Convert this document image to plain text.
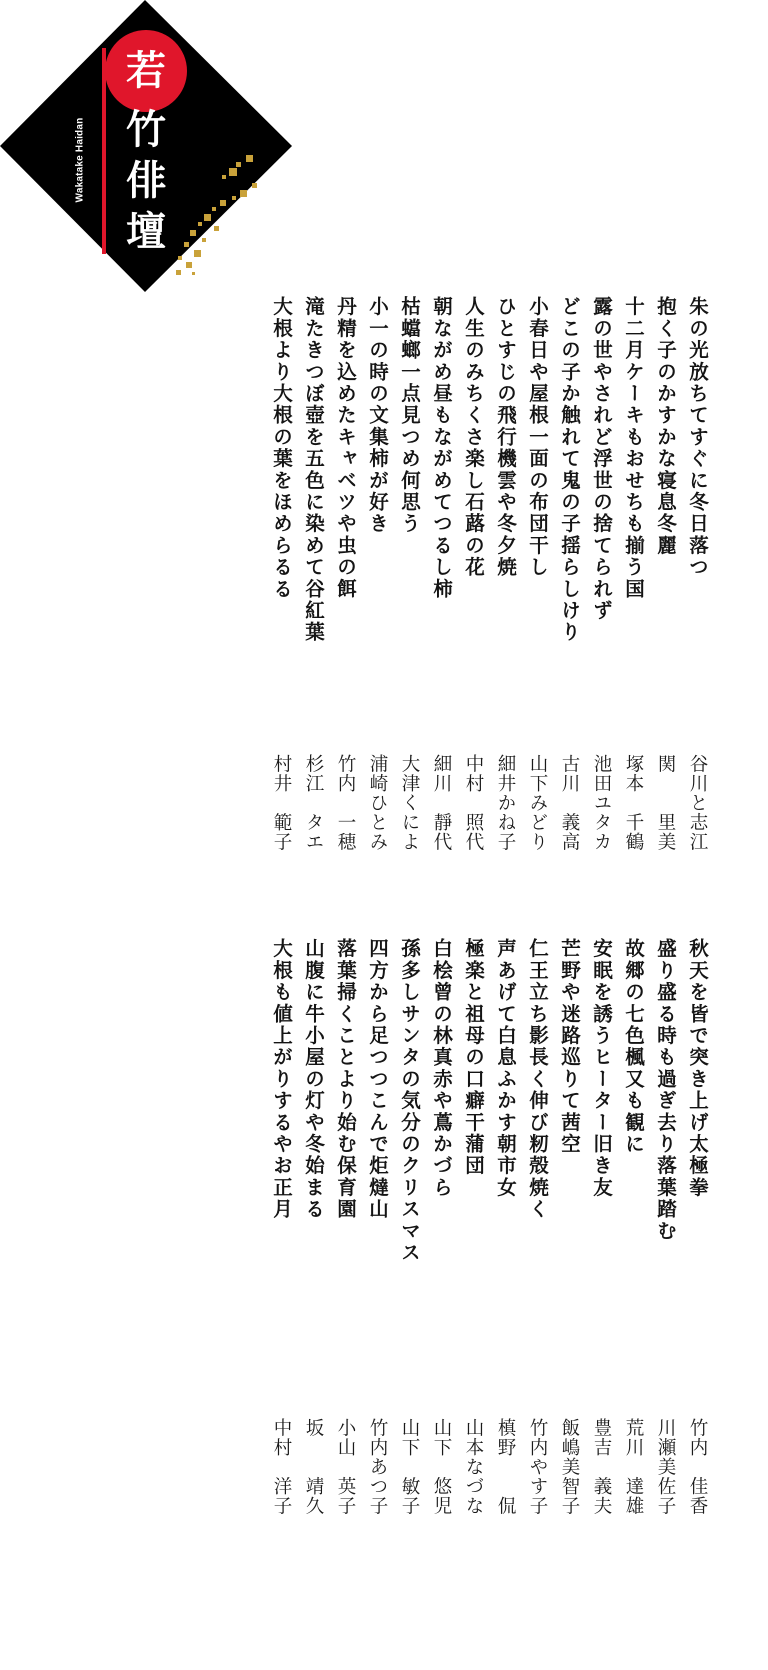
若
竹
俳
壇
Wakatake Haidan
朱の光放ちてすぐに冬日落つ
抱く子のかすかな寝息冬麗
十二月ケーキもおせちも揃う国
露の世やされど浮世の捨てられず
どこの子か触れて鬼の子揺らしけり
小春日や屋根一面の布団干し
ひとすじの飛行機雲や冬夕焼
人生のみちくさ楽し石蕗の花
朝ながめ昼もながめてつるし柿
枯蟷螂一点見つめ何思う
小一の時の文集柿が好き
丹精を込めたキャベツや虫の餌
滝たきつぼ壺を五色に染めて谷紅葉
大根より大根の葉をほめらるる
谷川と志江
関　　里美
塚本　千鶴
池田ユタカ
古川　義高
山下みどり
細井かね子
中村　照代
細川　靜代
大津くによ
浦崎ひとみ
竹内　一穂
杉江　タエ
村井　範子
秋天を皆で突き上げ太極拳
盛り盛る時も過ぎ去り落葉踏む
故郷の七色楓又も観に
安眠を誘うヒーター旧き友
芒野や迷路巡りて茜空
仁王立ち影長く伸び籾殻焼く
声あげて白息ふかす朝市女
極楽と祖母の口癖干蒲団
白桧曾の林真赤や蔦かづら
孫多しサンタの気分のクリスマス
四方から足つつこんで炬燵山
落葉掃くことより始む保育園
山腹に牛小屋の灯や冬始まる
大根も値上がりするやお正月
竹内　佳香
川瀬美佐子
荒川　達雄
豊吉　義夫
飯嶋美智子
竹内やす子
槙野　　侃
山本なづな
山下　悠児
山下　敏子
竹内あつ子
小山　英子
坂　　靖久
中村　洋子
